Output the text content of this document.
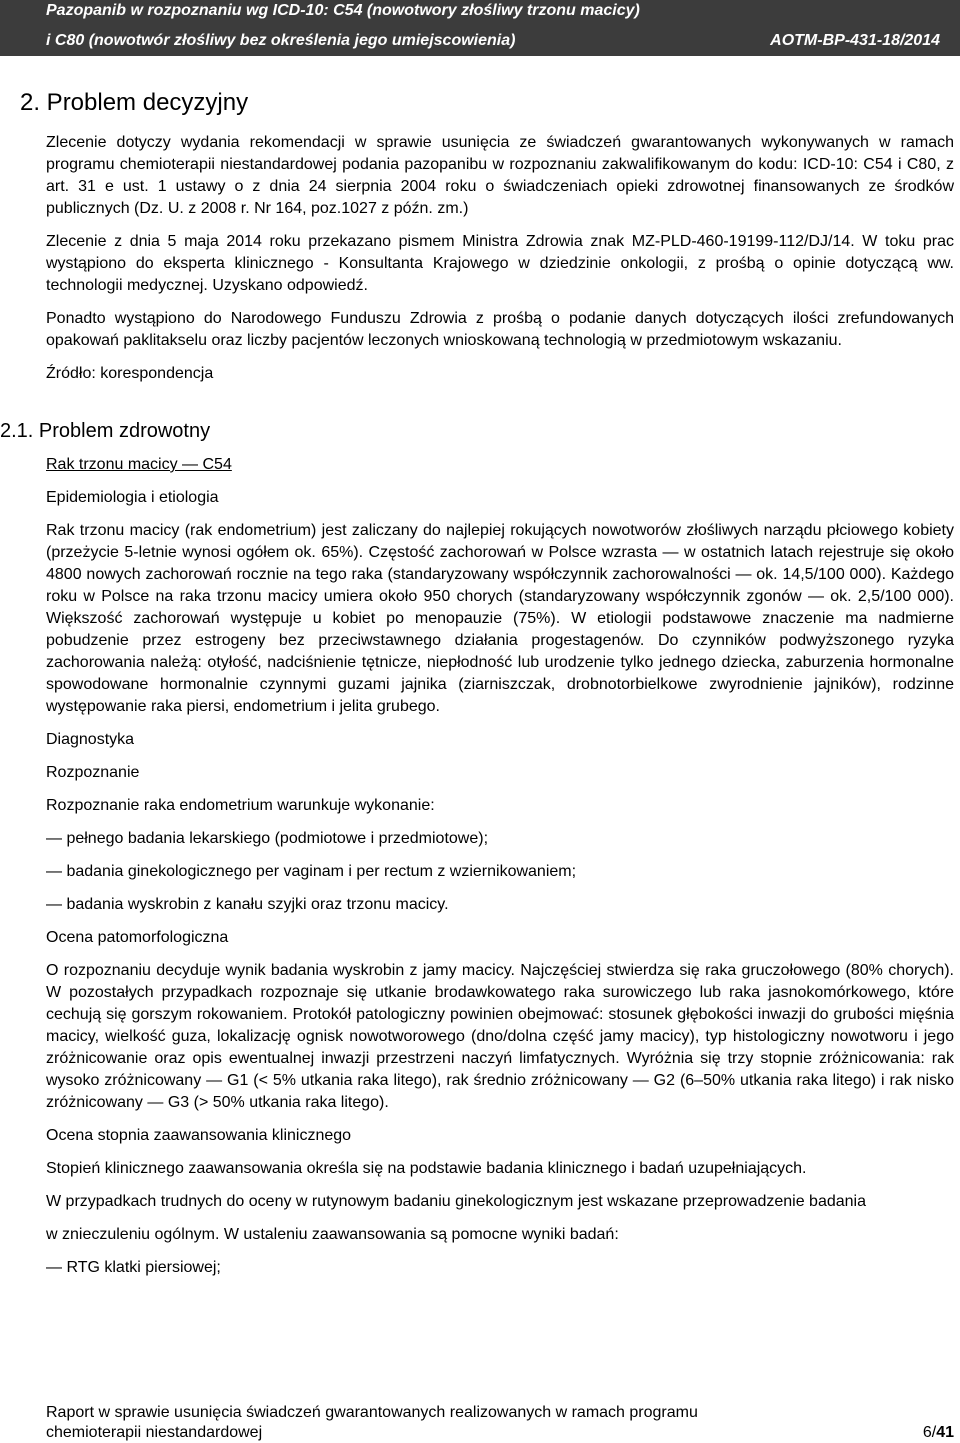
Pazopanib w rozpoznaniu wg ICD-10: C54 (nowotwory złośliwy trzonu macicy)
i C80 (nowotwór złośliwy bez określenia jego umiejscowienia)	AOTM-BP-431-18/2014
2. Problem decyzyjny

Zlecenie dotyczy wydania rekomendacji w sprawie usunięcia ze świadczeń gwarantowanych wykonywanych w ramach programu chemioterapii niestandardowej podania pazopanibu w rozpoznaniu zakwalifikowanym do kodu: ICD-10: C54 i C80, z art. 31 e ust. 1 ustawy o z dnia 24 sierpnia 2004 roku o świadczeniach opieki zdrowotnej finansowanych ze środków publicznych (Dz. U. z 2008 r. Nr 164, poz.1027 z późn. zm.)

Zlecenie z dnia 5 maja 2014 roku przekazano pismem Ministra Zdrowia znak MZ-PLD-460-19199-112/DJ/14. W toku prac wystąpiono do eksperta klinicznego - Konsultanta Krajowego w dziedzinie onkologii, z prośbą o opinie dotyczącą ww. technologii medycznej. Uzyskano odpowiedź.

Ponadto wystąpiono do Narodowego Funduszu Zdrowia z prośbą o podanie danych dotyczących ilości zrefundowanych opakowań paklitakselu oraz liczby pacjentów leczonych wnioskowaną technologią w przedmiotowym wskazaniu.

Źródło: korespondencja
2.1. Problem zdrowotny
Rak trzonu macicy — C54
Epidemiologia i etiologia

Rak trzonu macicy (rak endometrium) jest zaliczany do najlepiej rokujących nowotworów złośliwych narządu płciowego kobiety (przeżycie 5-letnie wynosi ogółem ok. 65%). Częstość zachorowań w Polsce wzrasta — w ostatnich latach rejestruje się około 4800 nowych zachorowań rocznie na tego raka (standaryzowany współczynnik zachorowalności — ok. 14,5/100 000). Każdego roku w Polsce na raka trzonu macicy umiera około 950 chorych (standaryzowany współczynnik zgonów — ok. 2,5/100 000). Większość zachorowań występuje u kobiet po menopauzie (75%). W etiologii podstawowe znaczenie ma nadmierne pobudzenie przez estrogeny bez przeciwstawnego działania progestagenów. Do czynników podwyższonego ryzyka zachorowania należą: otyłość, nadciśnienie tętnicze, niepłodność lub urodzenie tylko jednego dziecka, zaburzenia hormonalne spowodowane hormonalnie czynnymi guzami jajnika (ziarniszczak, drobnotorbielkowe zwyrodnienie jajników), rodzinne występowanie raka piersi, endometrium i jelita grubego.

Diagnostyka
Rozpoznanie
Rozpoznanie raka endometrium warunkuje wykonanie:
— pełnego badania lekarskiego (podmiotowe i przedmiotowe);
— badania ginekologicznego per vaginam i per rectum z wziernikowaniem;
— badania wyskrobin z kanału szyjki oraz trzonu macicy.
Ocena patomorfologiczna

O rozpoznaniu decyduje wynik badania wyskrobin z jamy macicy. Najczęściej stwierdza się raka gruczołowego (80% chorych). W pozostałych przypadkach rozpoznaje się utkanie brodawkowatego raka surowiczego lub raka jasnokomórkowego, które cechują się gorszym rokowaniem. Protokół patologiczny powinien obejmować: stosunek głębokości inwazji do grubości mięśnia macicy, wielkość guza, lokalizację ognisk nowotworowego (dno/dolna część jamy macicy), typ histologiczny nowotworu i jego zróżnicowanie oraz opis ewentualnej inwazji przestrzeni naczyń limfatycznych. Wyróżnia się trzy stopnie zróżnicowania: rak wysoko zróżnicowany — G1 (< 5% utkania raka litego), rak średnio zróżnicowany — G2 (6–50% utkania raka litego) i rak nisko zróżnicowany — G3 (> 50% utkania raka litego).

Ocena stopnia zaawansowania klinicznego

Stopień klinicznego zaawansowania określa się na podstawie badania klinicznego i badań uzupełniających.

W przypadkach trudnych do oceny w rutynowym badaniu ginekologicznym jest wskazane przeprowadzenie badania

w znieczuleniu ogólnym. W ustaleniu zaawansowania są pomocne wyniki badań:

— RTG klatki piersiowej;
Raport w sprawie usunięcia świadczeń gwarantowanych realizowanych w ramach programu
chemioterapii niestandardowej	6/41
